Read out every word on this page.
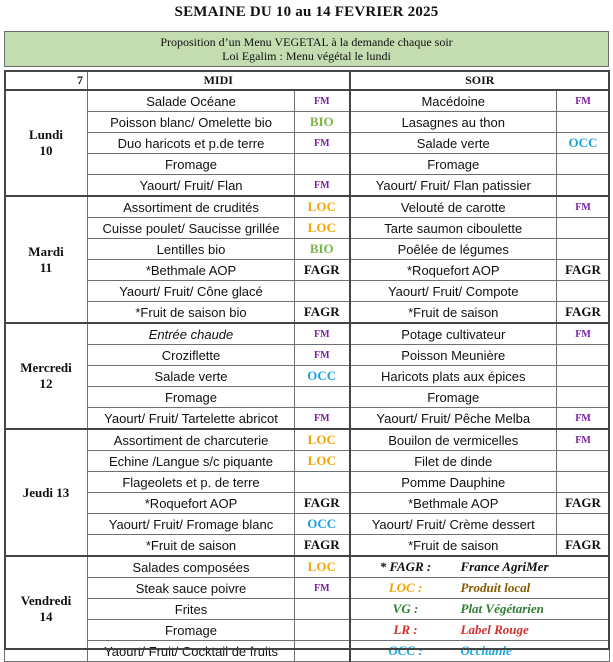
SEMAINE DU 10 au 14 FEVRIER 2025
Proposition d’un Menu VEGETAL à la demande chaque soir
Loi Egalim : Menu végétal le lundi
7	MIDI		SOIR	

Lundi
10	Salade Océane	FM	Macédoine	FM
	Poisson blanc/ Omelette bio	BIO	Lasagnes au thon	
	Duo haricots et p.de terre	FM	Salade verte	OCC
	Fromage		Fromage	
	Yaourt/ Fruit/ Flan	FM	Yaourt/ Fruit/ Flan patissier	

Mardi
11	Assortiment de crudités	LOC	Velouté de carotte	FM
	Cuisse poulet/ Saucisse grillée	LOC	Tarte saumon ciboulette	
	Lentilles bio	BIO	Poêlée de légumes	
	*Bethmale AOP	FAGR	*Roquefort AOP	FAGR
	Yaourt/ Fruit/ Cône glacé		Yaourt/ Fruit/ Compote	
	*Fruit de saison bio	FAGR	*Fruit de saison	FAGR

Mercredi
12	Entrée chaude	FM	Potage cultivateur	FM
	Croziflette	FM	Poisson Meunière	
	Salade verte	OCC	Haricots plats aux épices	
	Fromage		Fromage	
	Yaourt/ Fruit/ Tartelette abricot	FM	Yaourt/ Fruit/ Pêche Melba	FM

Jeudi 13	Assortiment de charcuterie	LOC	Bouilon de vermicelles	FM
	Echine /Langue s/c piquante	LOC	Filet de dinde	
	Flageolets et p. de terre		Pomme Dauphine	
	*Roquefort AOP	FAGR	*Bethmale AOP	FAGR
	Yaourt/ Fruit/ Fromage blanc	OCC	Yaourt/ Fruit/ Crème dessert	
	*Fruit de saison	FAGR	*Fruit de saison	FAGR

Vendredi
14	Salades composées	LOC	* FAGR : France AgriMer	
	Steak sauce poivre	FM	LOC : Produit local	
	Frites		VG : Plat Végétarien	
	Fromage		LR : Label Rouge	
	Yaourt/ Fruit/ Cocktail de fruits		OCC : Occitanie	
